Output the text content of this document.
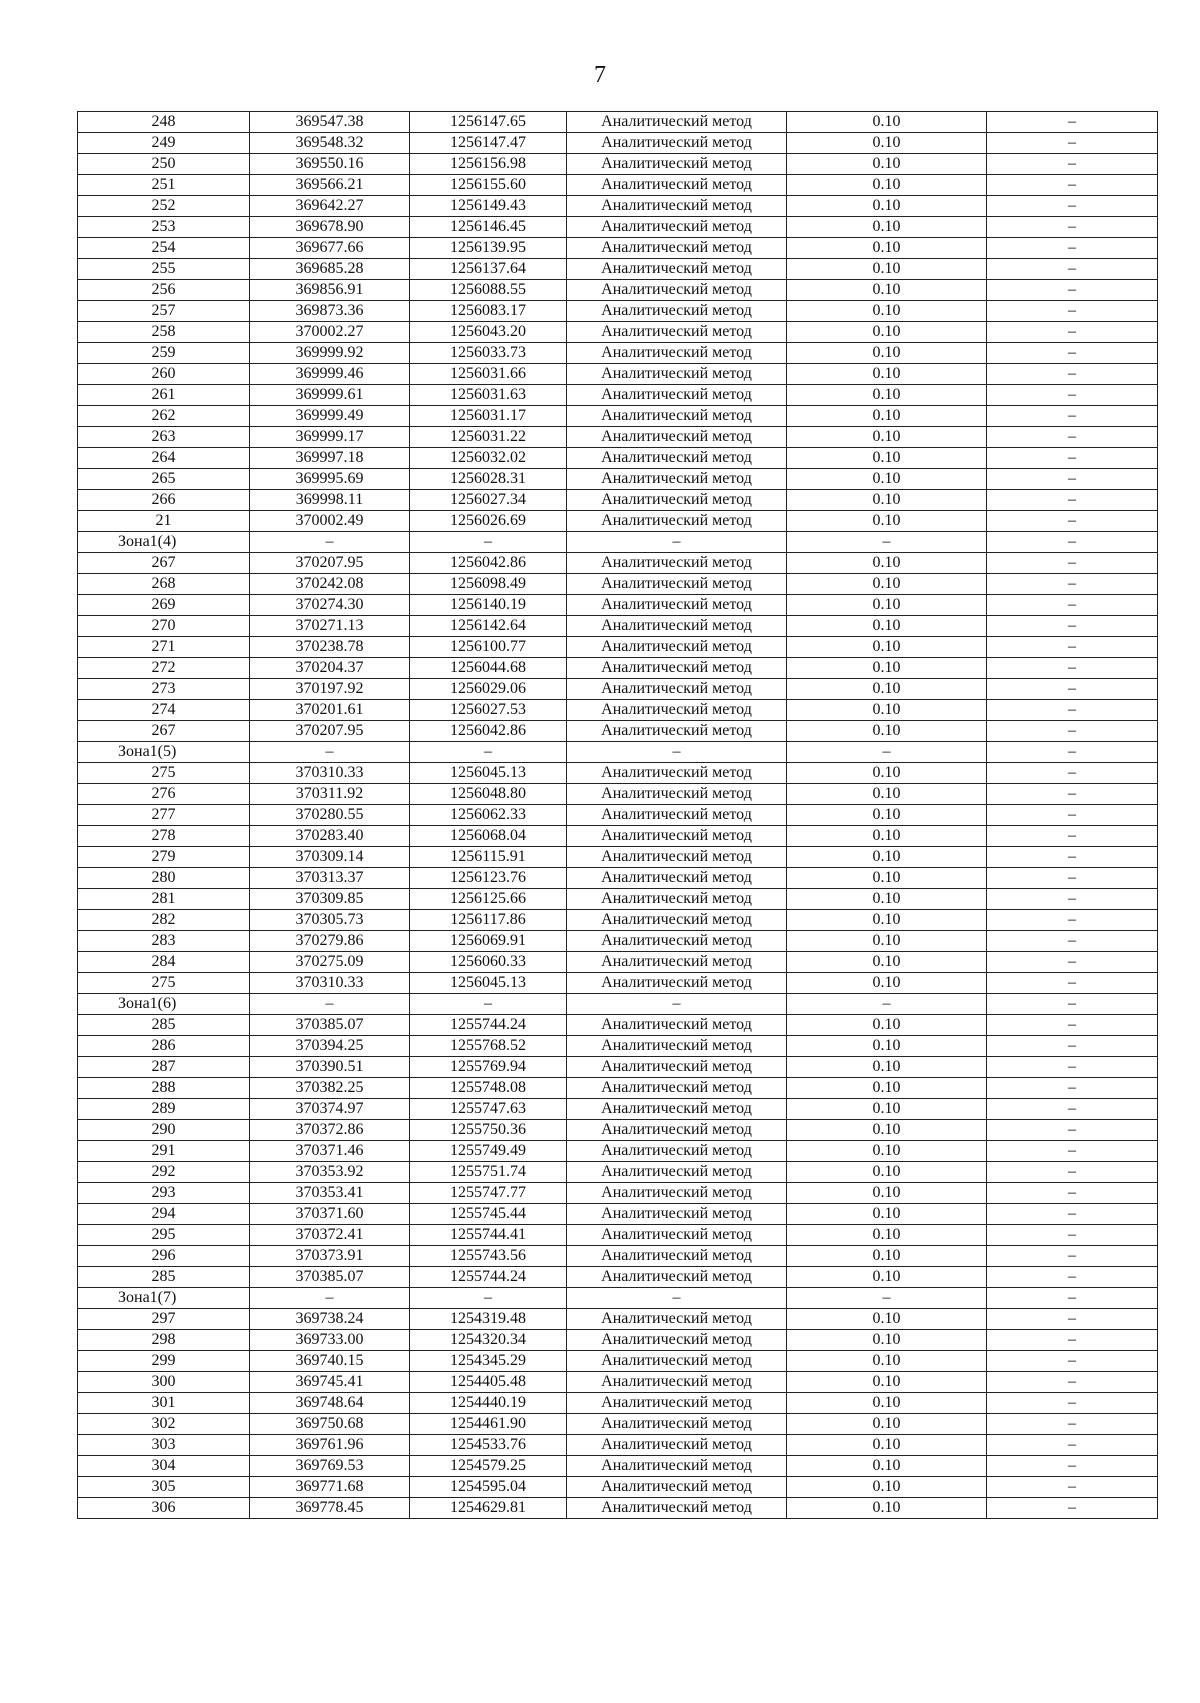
7
248	369547.38	1256147.65	Аналитический метод	0.10	–
249	369548.32	1256147.47	Аналитический метод	0.10	–
250	369550.16	1256156.98	Аналитический метод	0.10	–
251	369566.21	1256155.60	Аналитический метод	0.10	–
252	369642.27	1256149.43	Аналитический метод	0.10	–
253	369678.90	1256146.45	Аналитический метод	0.10	–
254	369677.66	1256139.95	Аналитический метод	0.10	–
255	369685.28	1256137.64	Аналитический метод	0.10	–
256	369856.91	1256088.55	Аналитический метод	0.10	–
257	369873.36	1256083.17	Аналитический метод	0.10	–
258	370002.27	1256043.20	Аналитический метод	0.10	–
259	369999.92	1256033.73	Аналитический метод	0.10	–
260	369999.46	1256031.66	Аналитический метод	0.10	–
261	369999.61	1256031.63	Аналитический метод	0.10	–
262	369999.49	1256031.17	Аналитический метод	0.10	–
263	369999.17	1256031.22	Аналитический метод	0.10	–
264	369997.18	1256032.02	Аналитический метод	0.10	–
265	369995.69	1256028.31	Аналитический метод	0.10	–
266	369998.11	1256027.34	Аналитический метод	0.10	–
21	370002.49	1256026.69	Аналитический метод	0.10	–
Зона1(4)	–	–	–	–	–
267	370207.95	1256042.86	Аналитический метод	0.10	–
268	370242.08	1256098.49	Аналитический метод	0.10	–
269	370274.30	1256140.19	Аналитический метод	0.10	–
270	370271.13	1256142.64	Аналитический метод	0.10	–
271	370238.78	1256100.77	Аналитический метод	0.10	–
272	370204.37	1256044.68	Аналитический метод	0.10	–
273	370197.92	1256029.06	Аналитический метод	0.10	–
274	370201.61	1256027.53	Аналитический метод	0.10	–
267	370207.95	1256042.86	Аналитический метод	0.10	–
Зона1(5)	–	–	–	–	–
275	370310.33	1256045.13	Аналитический метод	0.10	–
276	370311.92	1256048.80	Аналитический метод	0.10	–
277	370280.55	1256062.33	Аналитический метод	0.10	–
278	370283.40	1256068.04	Аналитический метод	0.10	–
279	370309.14	1256115.91	Аналитический метод	0.10	–
280	370313.37	1256123.76	Аналитический метод	0.10	–
281	370309.85	1256125.66	Аналитический метод	0.10	–
282	370305.73	1256117.86	Аналитический метод	0.10	–
283	370279.86	1256069.91	Аналитический метод	0.10	–
284	370275.09	1256060.33	Аналитический метод	0.10	–
275	370310.33	1256045.13	Аналитический метод	0.10	–
Зона1(6)	–	–	–	–	–
285	370385.07	1255744.24	Аналитический метод	0.10	–
286	370394.25	1255768.52	Аналитический метод	0.10	–
287	370390.51	1255769.94	Аналитический метод	0.10	–
288	370382.25	1255748.08	Аналитический метод	0.10	–
289	370374.97	1255747.63	Аналитический метод	0.10	–
290	370372.86	1255750.36	Аналитический метод	0.10	–
291	370371.46	1255749.49	Аналитический метод	0.10	–
292	370353.92	1255751.74	Аналитический метод	0.10	–
293	370353.41	1255747.77	Аналитический метод	0.10	–
294	370371.60	1255745.44	Аналитический метод	0.10	–
295	370372.41	1255744.41	Аналитический метод	0.10	–
296	370373.91	1255743.56	Аналитический метод	0.10	–
285	370385.07	1255744.24	Аналитический метод	0.10	–
Зона1(7)	–	–	–	–	–
297	369738.24	1254319.48	Аналитический метод	0.10	–
298	369733.00	1254320.34	Аналитический метод	0.10	–
299	369740.15	1254345.29	Аналитический метод	0.10	–
300	369745.41	1254405.48	Аналитический метод	0.10	–
301	369748.64	1254440.19	Аналитический метод	0.10	–
302	369750.68	1254461.90	Аналитический метод	0.10	–
303	369761.96	1254533.76	Аналитический метод	0.10	–
304	369769.53	1254579.25	Аналитический метод	0.10	–
305	369771.68	1254595.04	Аналитический метод	0.10	–
306	369778.45	1254629.81	Аналитический метод	0.10	–
